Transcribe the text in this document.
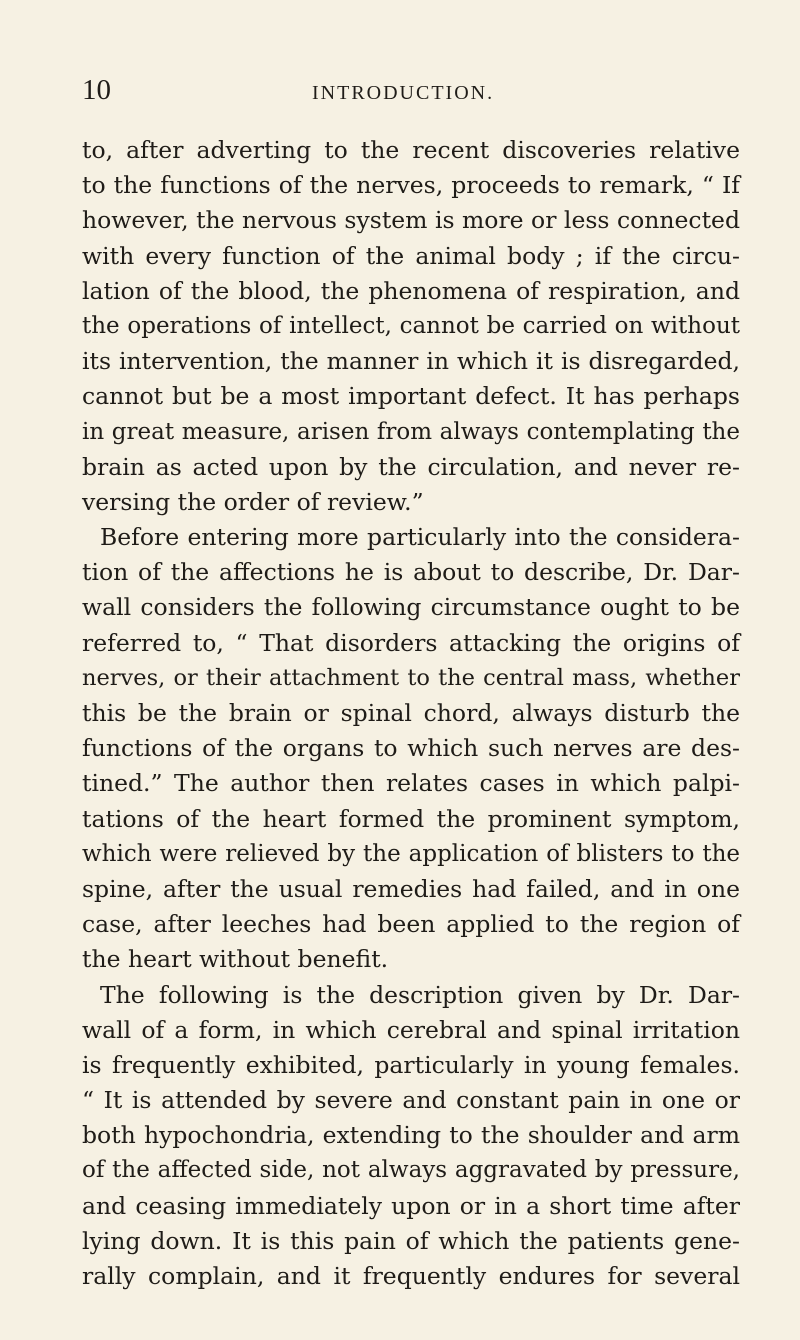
10	INTRODUCTION.
to, after adverting to the recent discoveries relative
to the functions of the nerves, proceeds to remark, “ If
however, the nervous system is more or less connected
with every function of the animal body ; if the circu-
lation of the blood, the phenomena of respiration, and
the operations of intellect, cannot be carried on without
its intervention, the manner in which it is disregarded,
cannot but be a most important defect. It has perhaps
in great measure, arisen from always contemplating the
brain as acted upon by the circulation, and never re-
versing the order of review.”
Before entering more particularly into the considera-
tion of the affections he is about to describe, Dr. Dar-
wall considers the following circumstance ought to be
referred to, “ That disorders attacking the origins of
nerves, or their attachment to the central mass, whether
this be the brain or spinal chord, always disturb the
functions of the organs to which such nerves are des-
tined.” The author then relates cases in which palpi-
tations of the heart formed the prominent symptom,
which were relieved by the application of blisters to the
spine, after the usual remedies had failed, and in one
case, after leeches had been applied to the region of
the heart without benefit.
The following is the description given by Dr. Dar-
wall of a form, in which cerebral and spinal irritation
is frequently exhibited, particularly in young females.
“ It is attended by severe and constant pain in one or
both hypochondria, extending to the shoulder and arm
of the affected side, not always aggravated by pressure,
and ceasing immediately upon or in a short time after
lying down. It is this pain of which the patients gene-
rally complain, and it frequently endures for several
